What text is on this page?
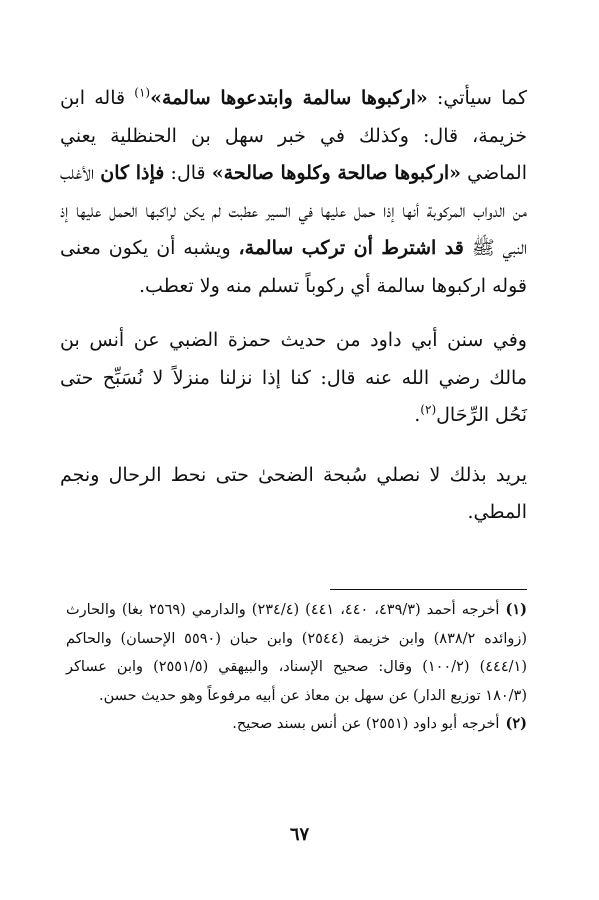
كما سيأتي: «اركبوها سالمة وابتدعوها سالمة»$^{(١)}$ قاله ابن خزيمة، قال: وكذلك في خبر سهل بن الحنظلية يعني الماضي «اركبوها صالحة وكلوها صالحة» قال: فإذا كان الأغلب من الدواب المركوبة أنها إذا حمل عليها في السير عطبت لم يكن لراكبها الحمل عليها إذ النبي ﷺ قد اشترط أن تركب سالمة، ويشبه أن يكون معنى قوله اركبوها سالمة أي ركوباً تسلم منه ولا تعطب.

وفي سنن أبي داود من حديث حمزة الضبي عن أنس بن مالك رضي الله عنه قال: كنا إذا نزلنا منزلاً لا نُسَبِّح حتى نَحُل الرِّحَال$^{(٢)}$.

يريد بذلك لا نصلي سُبحة الضحىٰ حتى نحط الرحال ونجم المطي.

(١)أخرجه أحمد (٤٣٩/٣، ٤٤٠، ٤٤١) (٢٣٤/٤) والدارمي (٢٥٦٩ بغا) والحارث (زوائده ٨٣٨/٢) وابن خزيمة (٢٥٤٤) وابن حبان (٥٥٩٠ الإحسان) والحاكم (٤٤٤/١) (١٠٠/٢) وقال: صحيح الإسناد، والبيهقي (٢٥٥١/٥) وابن عساكر (١٨٠/٣ توزيع الدار) عن سهل بن معاذ عن أبيه مرفوعاً وهو حديث حسن.

(٢)أخرجه أبو داود (٢٥٥١) عن أنس بسند صحيح.

٦٧
